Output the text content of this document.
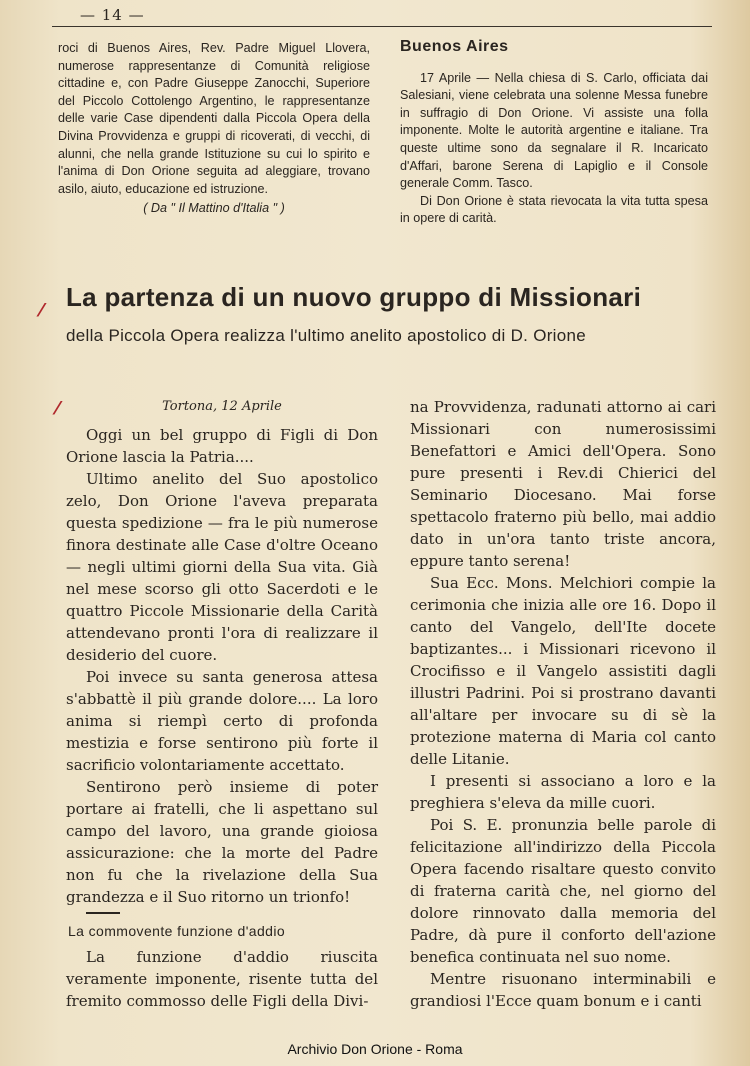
— 14 —

roci di Buenos Aires, Rev. Padre Miguel Llovera, numerose rappresentanze di Comunità religiose cittadine e, con Padre Giuseppe Zanocchi, Superiore del Piccolo Cottolengo Argentino, le rappresentanze delle varie Case dipendenti dalla Piccola Opera della Divina Provvidenza e gruppi di ricoverati, di vecchi, di alunni, che nella grande Istituzione su cui lo spirito e l'anima di Don Orione seguita ad aleggiare, trovano asilo, aiuto, educazione ed istruzione.

( Da " Il Mattino d'Italia " )

Buenos Aires

17 Aprile — Nella chiesa di S. Carlo, officiata dai Salesiani, viene celebrata una solenne Messa funebre in suffragio di Don Orione. Vi assiste una folla imponente. Molte le autorità argentine e italiane. Tra queste ultime sono da segnalare il R. Incaricato d'Affari, barone Serena di Lapiglio e il Console generale Comm. Tasco.

Di Don Orione è stata rievocata la vita tutta spesa in opere di carità.

⁄ La partenza di un nuovo gruppo di Missionari
della Piccola Opera realizza l'ultimo anelito apostolico di D. Orione
⁄	Tortona, 12 Aprile

Oggi un bel gruppo di Figli di Don Orione lascia la Patria....

Ultimo anelito del Suo apostolico zelo, Don Orione l'aveva preparata questa spedizione — fra le più numerose finora destinate alle Case d'oltre Oceano — negli ultimi giorni della Sua vita. Già nel mese scorso gli otto Sacerdoti e le quattro Piccole Missionarie della Carità attendevano pronti l'ora di realizzare il desiderio del cuore.

Poi invece su santa generosa attesa s'abbattè il più grande dolore.... La loro anima si riempì certo di profonda mestizia e forse sentirono più forte il sacrificio volontariamente accettato.

Sentirono però insieme di poter portare ai fratelli, che li aspettano sul campo del lavoro, una grande gioiosa assicurazione: che la morte del Padre non fu che la rivelazione della Sua grandezza e il Suo ritorno un trionfo!

La commovente funzione d'addio

La funzione d'addio riuscita veramente imponente, risente tutta del fremito commosso delle Figli della Divi-

na Provvidenza, radunati attorno ai cari Missionari con numerosissimi Benefattori e Amici dell'Opera. Sono pure presenti i Rev.di Chierici del Seminario Diocesano. Mai forse spettacolo fraterno più bello, mai addio dato in un'ora tanto triste ancora, eppure tanto serena!

Sua Ecc. Mons. Melchiori compie la cerimonia che inizia alle ore 16. Dopo il canto del Vangelo, dell'Ite docete baptizantes... i Missionari ricevono il Crocifisso e il Vangelo assistiti dagli illustri Padrini. Poi si prostrano davanti all'altare per invocare su di sè la protezione materna di Maria col canto delle Litanie.

I presenti si associano a loro e la preghiera s'eleva da mille cuori.

Poi S. E. pronunzia belle parole di felicitazione all'indirizzo della Piccola Opera facendo risaltare questo convito di fraterna carità che, nel giorno del dolore rinnovato dalla memoria del Padre, dà pure il conforto dell'azione benefica continuata nel suo nome.

Mentre risuonano interminabili e grandiosi l'Ecce quam bonum e i canti

Archivio Don Orione - Roma
